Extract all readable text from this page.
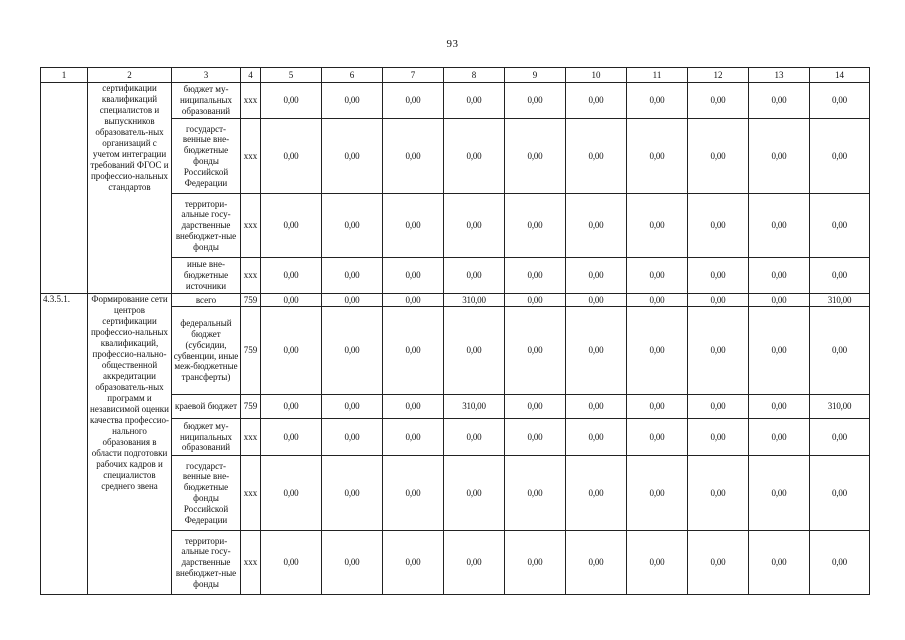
93
1	2	3	4	5	6	7	8	9	10	11	12	13	14
	сертификации квалификаций специалистов и выпускников образователь-ных организаций с учетом интеграции требований ФГОС и профессио-нальных стандартов	бюджет му-ниципальных образований	ххх	0,00	0,00	0,00	0,00	0,00	0,00	0,00	0,00	0,00	0,00
		государст-венные вне-бюджетные фонды Российской Федерации	ххх	0,00	0,00	0,00	0,00	0,00	0,00	0,00	0,00	0,00	0,00
		территори-альные госу-дарственные внебюджет-ные фонды	ххх	0,00	0,00	0,00	0,00	0,00	0,00	0,00	0,00	0,00	0,00
		иные вне-бюджетные источники	ххх	0,00	0,00	0,00	0,00	0,00	0,00	0,00	0,00	0,00	0,00
4.3.5.1.	Формирование сети центров сертификации профессио-нальных квалификаций, профессио-нально-общественной аккредитации образователь-ных программ и независимой оценки качества профессио-нального образования в области подготовки рабочих кадров и специалистов среднего звена	всего	759	0,00	0,00	0,00	310,00	0,00	0,00	0,00	0,00	0,00	310,00
		федеральный бюджет (субсидии, субвенции, иные меж-бюджетные трансферты)	759	0,00	0,00	0,00	0,00	0,00	0,00	0,00	0,00	0,00	0,00
		краевой бюджет	759	0,00	0,00	0,00	310,00	0,00	0,00	0,00	0,00	0,00	310,00
		бюджет му-ниципальных образований	ххх	0,00	0,00	0,00	0,00	0,00	0,00	0,00	0,00	0,00	0,00
		государст-венные вне-бюджетные фонды Российской Федерации	ххх	0,00	0,00	0,00	0,00	0,00	0,00	0,00	0,00	0,00	0,00
		территори-альные госу-дарственные внебюджет-ные фонды	ххх	0,00	0,00	0,00	0,00	0,00	0,00	0,00	0,00	0,00	0,00
